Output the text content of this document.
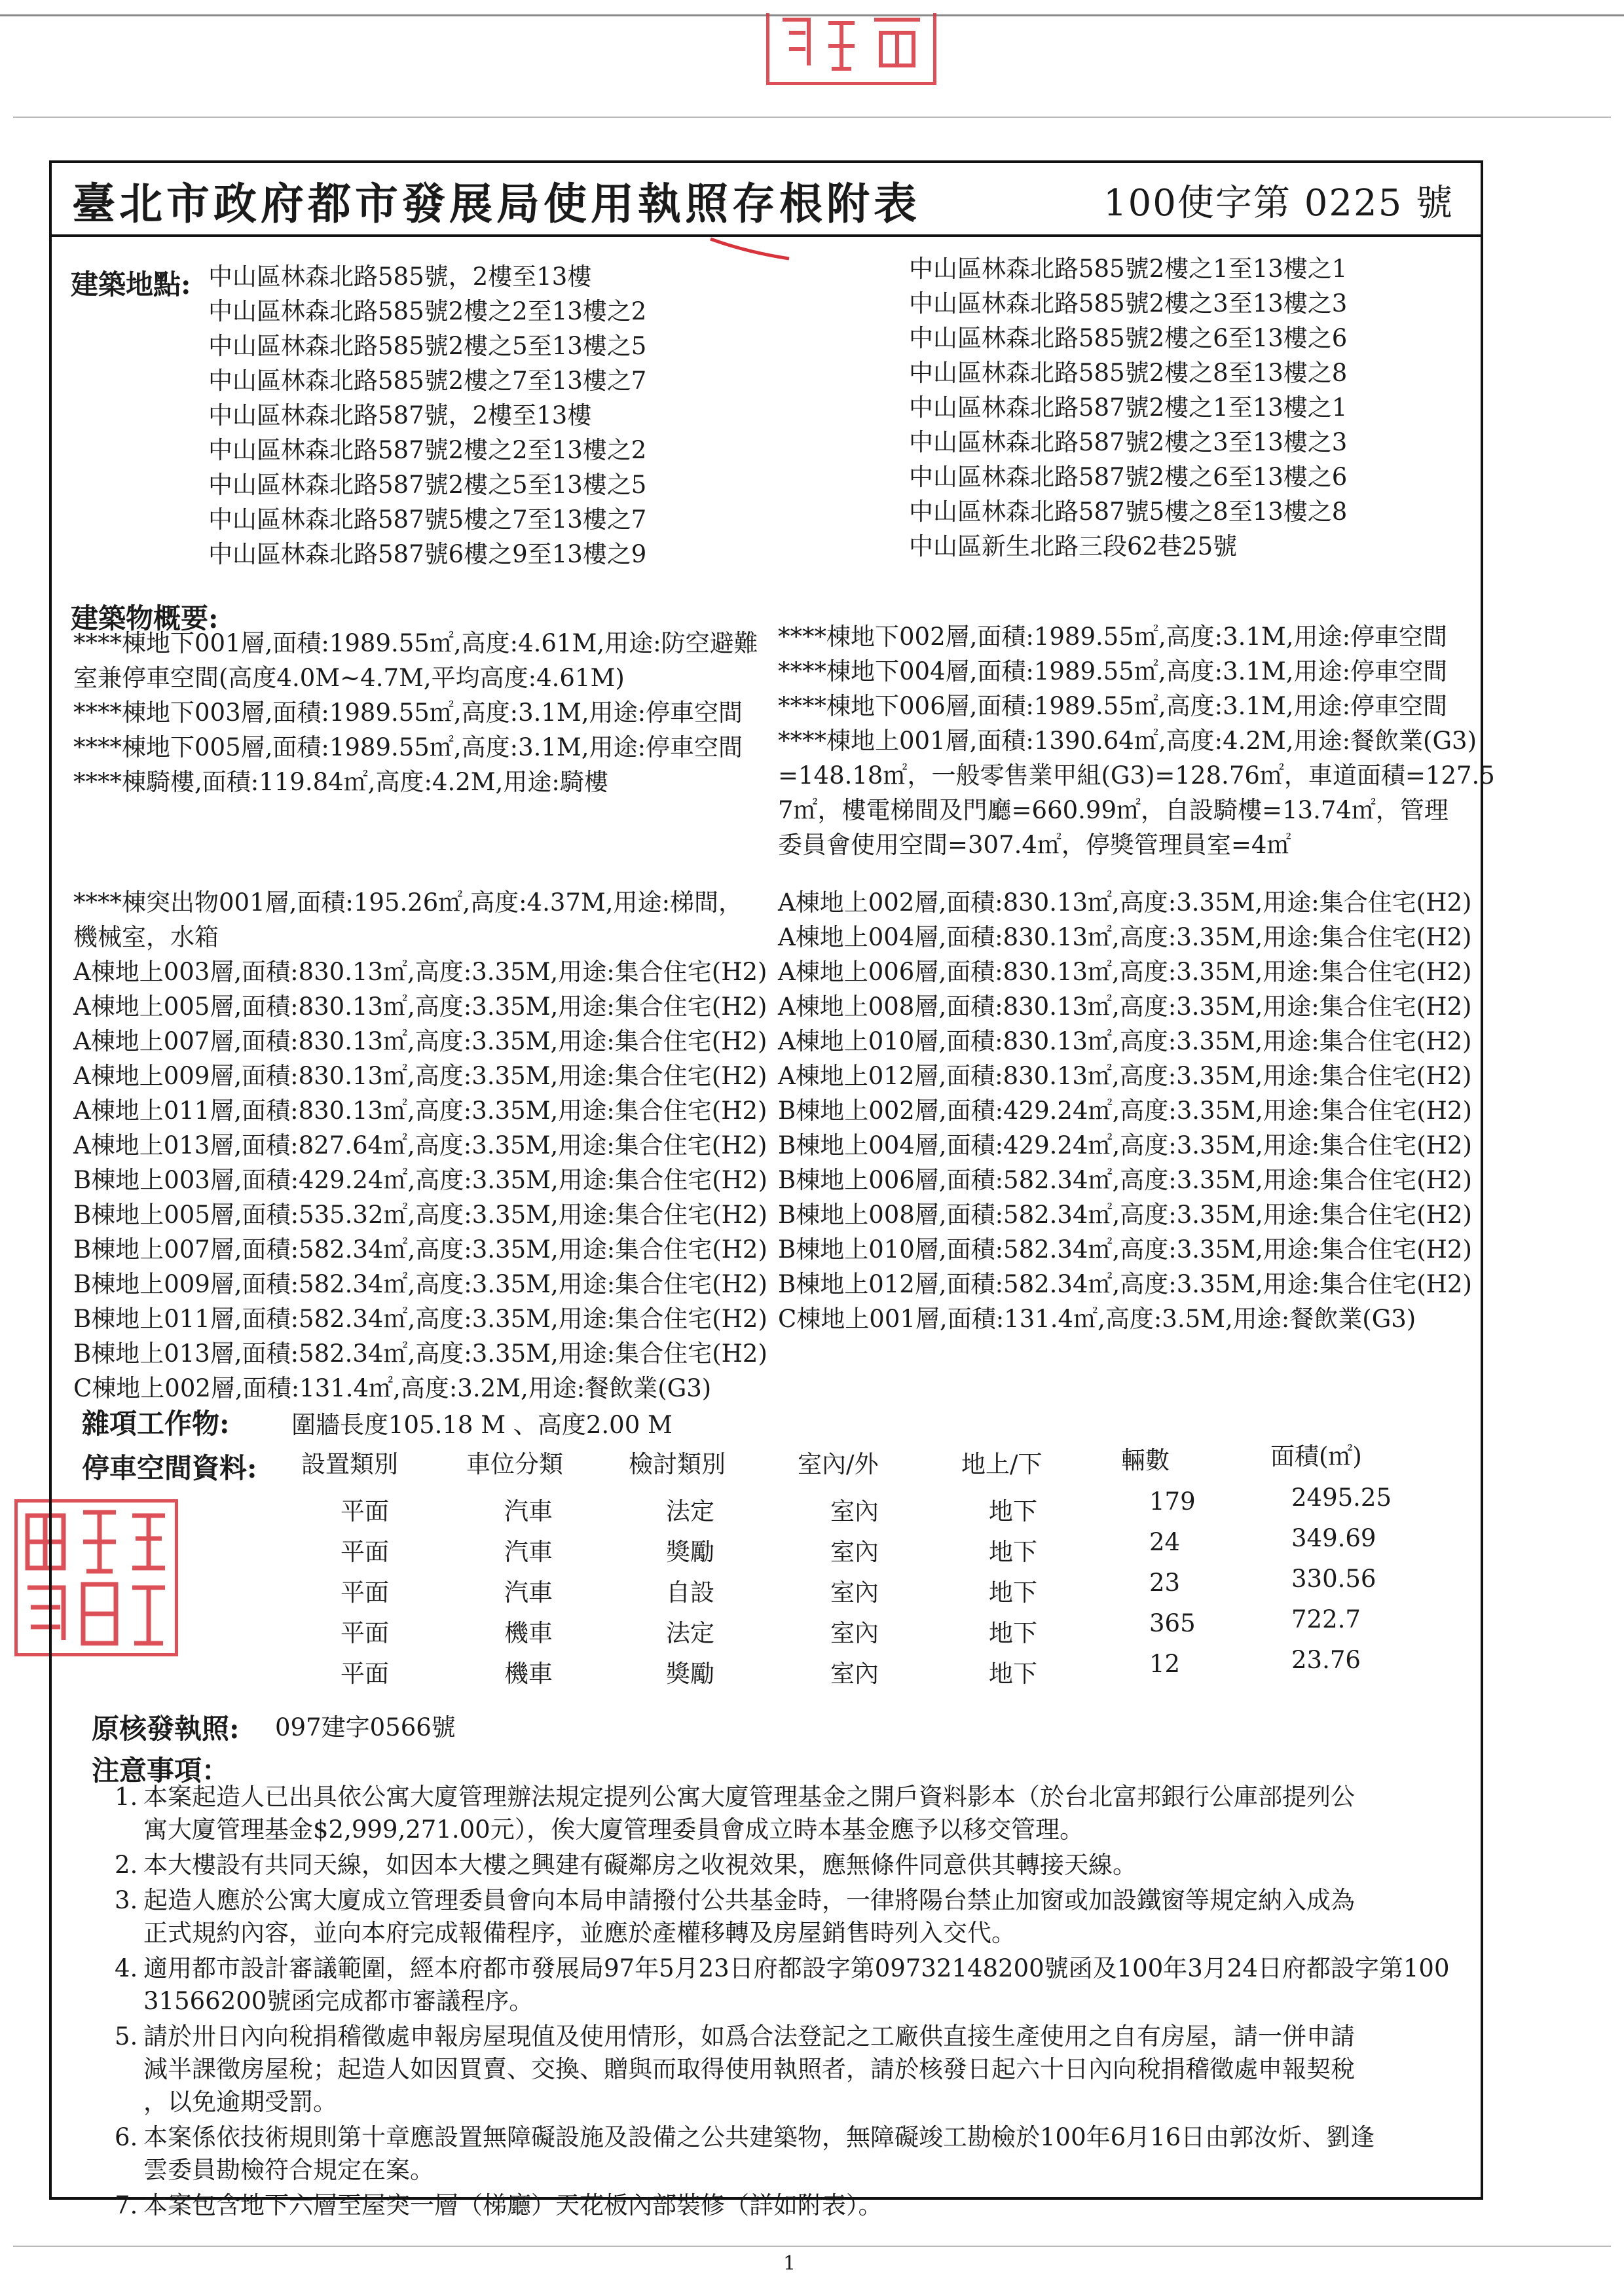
臺北市政府都市發展局使用執照存根附表	100使字第 0225 號
建築地點: 中山區林森北路585號，2樓至13樓
中山區林森北路585號2樓之2至13樓之2
中山區林森北路585號2樓之5至13樓之5
中山區林森北路585號2樓之7至13樓之7
中山區林森北路587號，2樓至13樓
中山區林森北路587號2樓之2至13樓之2
中山區林森北路587號2樓之5至13樓之5
中山區林森北路587號5樓之7至13樓之7
中山區林森北路587號6樓之9至13樓之9
中山區林森北路585號2樓之1至13樓之1
中山區林森北路585號2樓之3至13樓之3
中山區林森北路585號2樓之6至13樓之6
中山區林森北路585號2樓之8至13樓之8
中山區林森北路587號2樓之1至13樓之1
中山區林森北路587號2樓之3至13樓之3
中山區林森北路587號2樓之6至13樓之6
中山區林森北路587號5樓之8至13樓之8
中山區新生北路三段62巷25號
建築物概要:
****棟地下001層,面積:1989.55㎡,高度:4.61M,用途:防空避難
室兼停車空間(高度4.0M~4.7M,平均高度:4.61M)
****棟地下003層,面積:1989.55㎡,高度:3.1M,用途:停車空間
****棟地下005層,面積:1989.55㎡,高度:3.1M,用途:停車空間
****棟騎樓,面積:119.84㎡,高度:4.2M,用途:騎樓
****棟地下002層,面積:1989.55㎡,高度:3.1M,用途:停車空間
****棟地下004層,面積:1989.55㎡,高度:3.1M,用途:停車空間
****棟地下006層,面積:1989.55㎡,高度:3.1M,用途:停車空間
****棟地上001層,面積:1390.64㎡,高度:4.2M,用途:餐飲業(G3)
=148.18㎡，一般零售業甲組(G3)=128.76㎡，車道面積=127.5
7㎡，樓電梯間及門廳=660.99㎡，自設騎樓=13.74㎡，管理
委員會使用空間=307.4㎡，停獎管理員室=4㎡
****棟突出物001層,面積:195.26㎡,高度:4.37M,用途:梯間，
機械室，水箱
A棟地上003層,面積:830.13㎡,高度:3.35M,用途:集合住宅(H2)
A棟地上005層,面積:830.13㎡,高度:3.35M,用途:集合住宅(H2)
A棟地上007層,面積:830.13㎡,高度:3.35M,用途:集合住宅(H2)
A棟地上009層,面積:830.13㎡,高度:3.35M,用途:集合住宅(H2)
A棟地上011層,面積:830.13㎡,高度:3.35M,用途:集合住宅(H2)
A棟地上013層,面積:827.64㎡,高度:3.35M,用途:集合住宅(H2)
B棟地上003層,面積:429.24㎡,高度:3.35M,用途:集合住宅(H2)
B棟地上005層,面積:535.32㎡,高度:3.35M,用途:集合住宅(H2)
B棟地上007層,面積:582.34㎡,高度:3.35M,用途:集合住宅(H2)
B棟地上009層,面積:582.34㎡,高度:3.35M,用途:集合住宅(H2)
B棟地上011層,面積:582.34㎡,高度:3.35M,用途:集合住宅(H2)
B棟地上013層,面積:582.34㎡,高度:3.35M,用途:集合住宅(H2)
C棟地上002層,面積:131.4㎡,高度:3.2M,用途:餐飲業(G3)
A棟地上002層,面積:830.13㎡,高度:3.35M,用途:集合住宅(H2)
A棟地上004層,面積:830.13㎡,高度:3.35M,用途:集合住宅(H2)
A棟地上006層,面積:830.13㎡,高度:3.35M,用途:集合住宅(H2)
A棟地上008層,面積:830.13㎡,高度:3.35M,用途:集合住宅(H2)
A棟地上010層,面積:830.13㎡,高度:3.35M,用途:集合住宅(H2)
A棟地上012層,面積:830.13㎡,高度:3.35M,用途:集合住宅(H2)
B棟地上002層,面積:429.24㎡,高度:3.35M,用途:集合住宅(H2)
B棟地上004層,面積:429.24㎡,高度:3.35M,用途:集合住宅(H2)
B棟地上006層,面積:582.34㎡,高度:3.35M,用途:集合住宅(H2)
B棟地上008層,面積:582.34㎡,高度:3.35M,用途:集合住宅(H2)
B棟地上010層,面積:582.34㎡,高度:3.35M,用途:集合住宅(H2)
B棟地上012層,面積:582.34㎡,高度:3.35M,用途:集合住宅(H2)
C棟地上001層,面積:131.4㎡,高度:3.5M,用途:餐飲業(G3)
雜項工作物:	圍牆長度105.18 M 、高度2.00 M
停車空間資料: 設置類別	車位分類	檢討類別	室內/外	地上/下	輛數	面積(㎡)
平面	汽車	法定	室內	地下	179	2495.25
平面	汽車	獎勵	室內	地下	24	349.69
平面	汽車	自設	室內	地下	23	330.56
平面	機車	法定	室內	地下	365	722.7
平面	機車	獎勵	室內	地下	12	23.76
原核發執照: 097建字0566號
注意事項：
1. 本案起造人已出具依公寓大廈管理辦法規定提列公寓大廈管理基金之開戶資料影本（於台北富邦銀行公庫部提列公
寓大廈管理基金$2,999,271.00元），俟大廈管理委員會成立時本基金應予以移交管理。
2. 本大樓設有共同天線，如因本大樓之興建有礙鄰房之收視效果，應無條件同意供其轉接天線。
3. 起造人應於公寓大廈成立管理委員會向本局申請撥付公共基金時，一律將陽台禁止加窗或加設鐵窗等規定納入成為
正式規約內容，並向本府完成報備程序，並應於產權移轉及房屋銷售時列入交代。
4. 適用都市設計審議範圍，經本府都市發展局97年5月23日府都設字第09732148200號函及100年3月24日府都設字第100
31566200號函完成都市審議程序。
5. 請於卅日內向稅捐稽徵處申報房屋現值及使用情形，如爲合法登記之工廠供直接生產使用之自有房屋，請一併申請
減半課徵房屋稅；起造人如因買賣、交換、贈與而取得使用執照者，請於核發日起六十日內向稅捐稽徵處申報契稅
，以免逾期受罰。
6. 本案係依技術規則第十章應設置無障礙設施及設備之公共建築物，無障礙竣工勘檢於100年6月16日由郭汝炘、劉逢
雲委員勘檢符合規定在案。
7. 本案包含地下六層至屋突一層（梯廳）天花板內部裝修（詳如附表）。
1
